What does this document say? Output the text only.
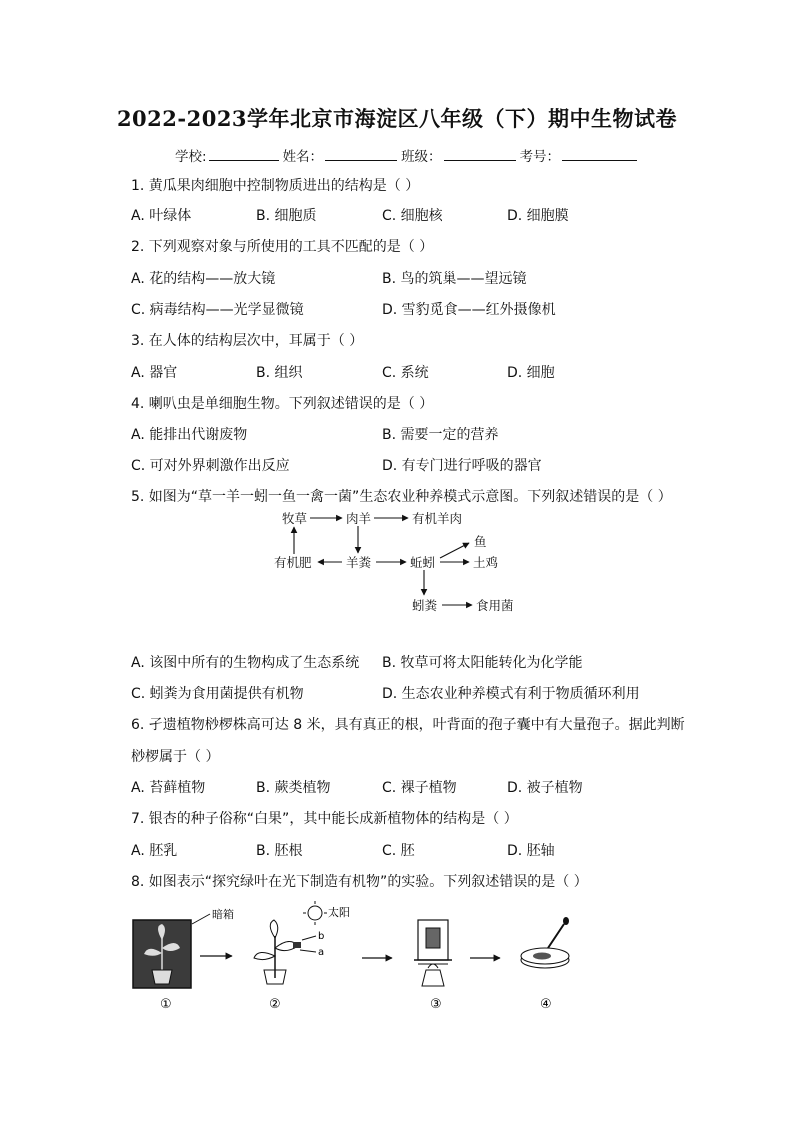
2022-2023学年北京市海淀区八年级（下）期中生物试卷
学校:	姓名：	班级：	考号：
1. 黄瓜果肉细胞中控制物质进出的结构是（ ）
A. 叶绿体	B. 细胞质	C. 细胞核	D. 细胞膜
2. 下列观察对象与所使用的工具不匹配的是（ ）
A. 花的结构——放大镜	B. 鸟的筑巢——望远镜
C. 病毒结构——光学显微镜	D. 雪豹觅食——红外摄像机
3. 在人体的结构层次中，耳属于（ ）
A. 器官	B. 组织	C. 系统	D. 细胞
4. 喇叭虫是单细胞生物。下列叙述错误的是（ ）
A. 能排出代谢废物	B. 需要一定的营养
C. 可对外界刺激作出反应	D. 有专门进行呼吸的器官
5. 如图为“草一羊一蚓一鱼一禽一菌”生态农业种养模式示意图。下列叙述错误的是（ ）
牧草	肉羊	有机羊肉
鱼
有机肥	羊粪	蚯蚓	土鸡
蚓粪	食用菌
A. 该图中所有的生物构成了生态系统 B. 牧草可将太阳能转化为化学能
C. 蚓粪为食用菌提供有机物	D. 生态农业种养模式有利于物质循环利用
6. 孑遗植物桫椤株高可达 8 米，具有真正的根，叶背面的孢子囊中有大量孢子。据此判断
桫椤属于（ ）
A. 苔藓植物	B. 蕨类植物	C. 裸子植物	D. 被子植物
7. 银杏的种子俗称“白果”，其中能长成新植物体的结构是（ ）
A. 胚乳	B. 胚根	C. 胚	D. 胚轴
8. 如图表示“探究绿叶在光下制造有机物”的实验。下列叙述错误的是（ ）
暗箱	太阳
b
a
①	②	③	④
